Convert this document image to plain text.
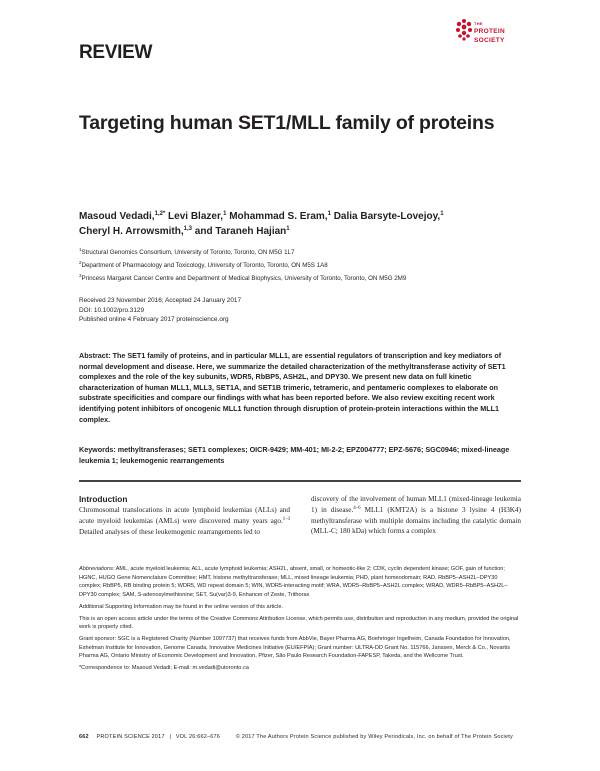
THE
PROTEIN
SOCIETY
REVIEW
Targeting human SET1/MLL family of proteins
Masoud Vedadi,$^{1,2*}$ Levi Blazer,$^1$ Mohammad S. Eram,$^1$ Dalia Barsyte-Lovejoy,$^1$
Cheryl H. Arrowsmith,$^{1,3}$ and Taraneh Hajian$^1$
$^1$Structural Genomics Consortium, University of Toronto, Toronto, ON M5G 1L7
$^2$Department of Pharmacology and Toxicology, University of Toronto, Toronto, ON M5S 1A8
$^3$Princess Margaret Cancer Centre and Department of Medical Biophysics, University of Toronto, Toronto, ON M5G 2M9
Received 23 November 2016; Accepted 24 January 2017
DOI: 10.1002/pro.3129
Published online 4 February 2017 proteinscience.org
Abstract: The SET1 family of proteins, and in particular MLL1, are essential regulators of transcription and key mediators of normal development and disease. Here, we summarize the detailed characterization of the methyltransferase activity of SET1 complexes and the role of the key subunits, WDR5, RbBP5, ASH2L, and DPY30. We present new data on full kinetic characterization of human MLL1, MLL3, SET1A, and SET1B trimeric, tetrameric, and pentameric complexes to elaborate on substrate specificities and compare our findings with what has been reported before. We also review exciting recent work identifying potent inhibitors of oncogenic MLL1 function through disruption of protein-protein interactions within the MLL1 complex.
Keywords: methyltransferases; SET1 complexes; OICR-9429; MM-401; MI-2-2; EPZ004777; EPZ-5676; SGC0946; mixed-lineage leukemia 1; leukemogenic rearrangements
Introduction
Chromosomal translocations in acute lymphoid leukemias (ALLs) and acute myeloid leukemias (AMLs) were discovered many years ago.$^{1-3}$ Detailed analyses of these leukemogenic rearrangements led to
discovery of the involvement of human MLL1 (mixed-lineage leukemia 1) in disease.$^{4-6}$ MLL1 (KMT2A) is a histone 3 lysine 4 (H3K4) methyltransferase with multiple domains including the catalytic domain (MLL-C; 180 kDa) which forms a complex

Abbreviations: AML, acute myeloid leukemia; ALL, acute lymphoid leukemia; ASH2L, absent, small, or homeotic-like 2; CDK, cyclin dependent kinase; GOF, gain of function; HGNC, HUGO Gene Nomenclature Committee; HMT, histone methyltransferase; MLL, mixed lineage leukemia; PHD, plant homeodomain; RAD, RbBP5–ASH2L–DPY30 complex; RbBP5, RB binding protein 5; WDR5, WD repeat domain 5; WIN, WDR5-interacting motif; WRA, WDR5–RbBP5–ASH2L complex; WRAD, WDR5–RbBP5–ASH2L–DPY30 complex; SAM, S-adenosylmethionine; SET, Su(var)3-9, Enhancer of Zeste, Trithorax

Additional Supporting Information may be found in the online version of this article.

This is an open access article under the terms of the Creative Commons Attribution License, which permits use, distribution and reproduction in any medium, provided the original work is properly cited.

Grant sponsor: SGC is a Registered Charity (Number 1097737) that receives funds from AbbVie, Bayer Pharma AG, Boehringer Ingelheim, Canada Foundation for Innovation, Eshelman Institute for Innovation, Genome Canada, Innovative Medicines Initiative (EU/EFPIA); Grant number: ULTRA-DD Grant No. 115766, Janssen, Merck & Co., Novartis Pharma AG, Ontario Ministry of Economic Development and Innovation, Pfizer, São Paulo Research Foundation-FAPESP, Takeda, and the Wellcome Trust.

*Correspondence to: Masoud Vedadi; E-mail: m.vedadi@utoronto.ca

662 PROTEIN SCIENCE 2017 | VOL 26:662–676	© 2017 The Authors Protein Science published by Wiley Periodicals, Inc. on behalf of The Protein Society
